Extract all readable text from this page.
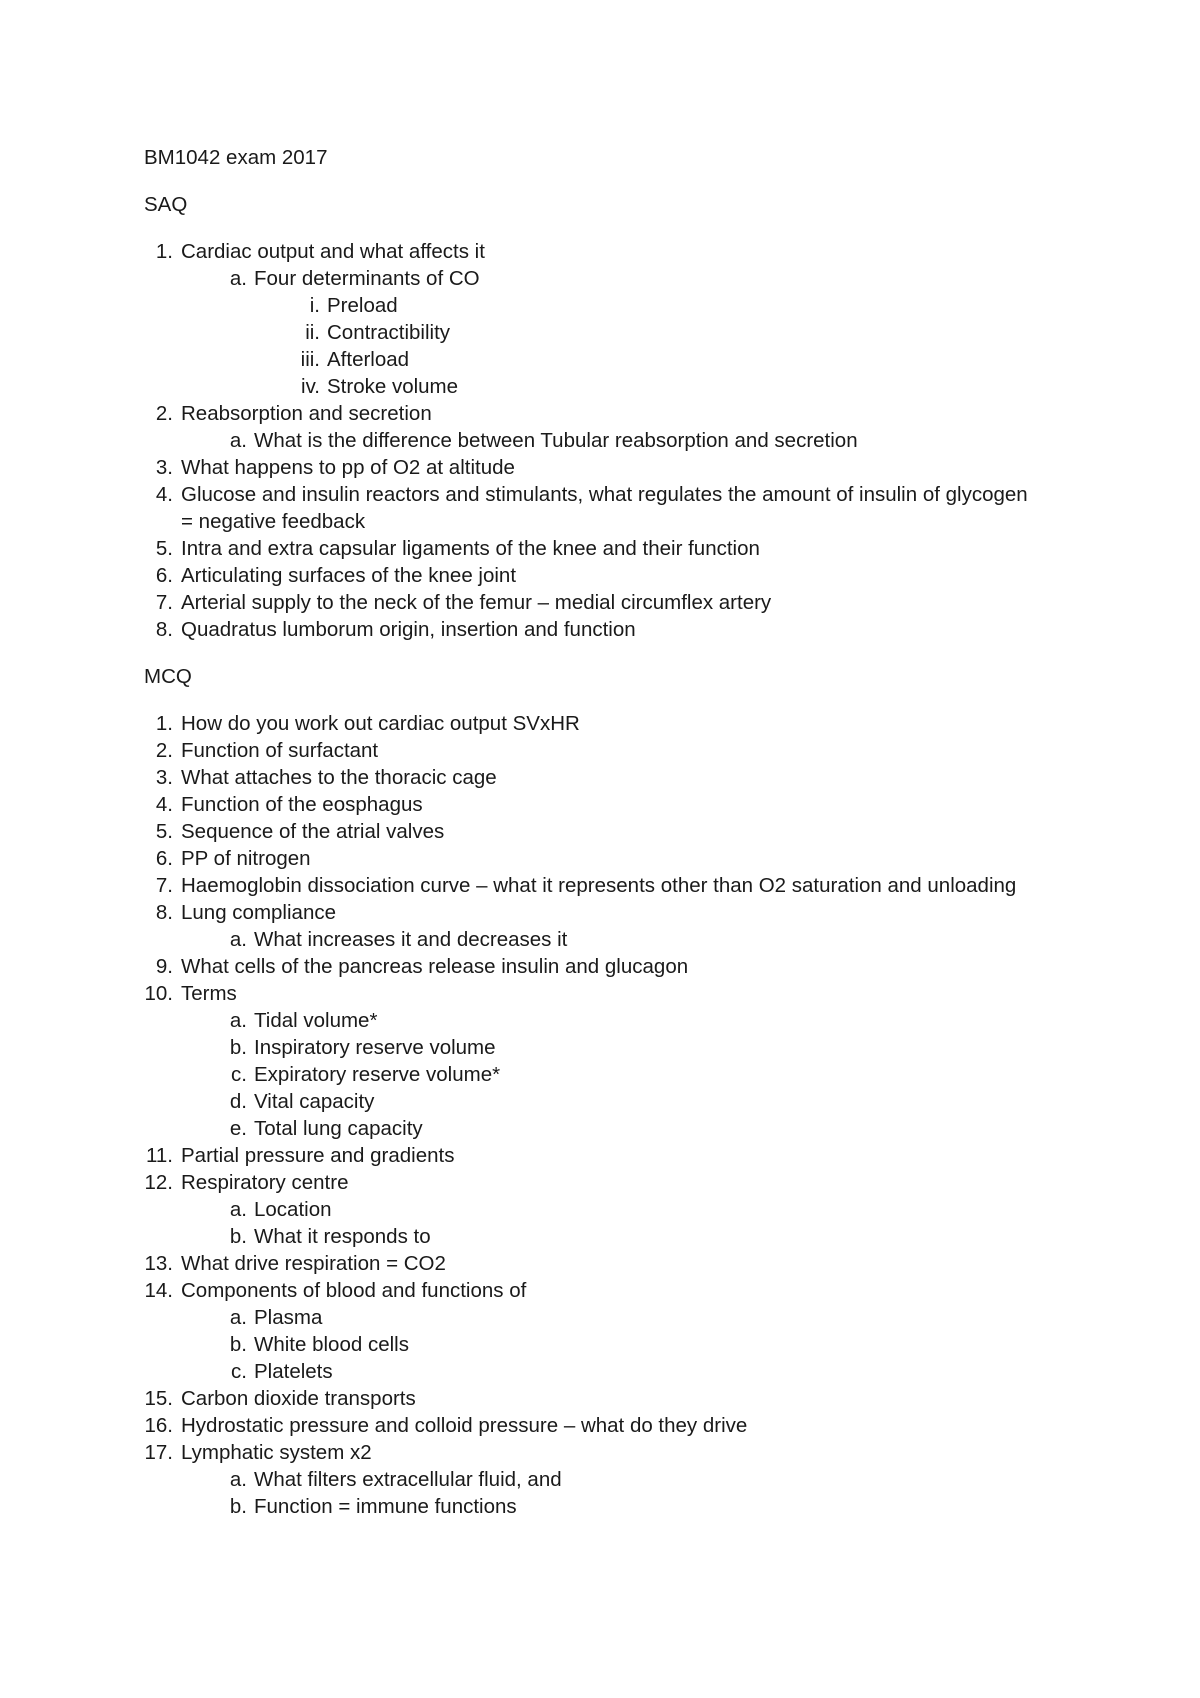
BM1042 exam 2017
SAQ
1. Cardiac output and what affects it
a. Four determinants of CO
i. Preload
ii. Contractibility
iii. Afterload
iv. Stroke volume
2. Reabsorption and secretion
a. What is the difference between Tubular reabsorption and secretion
3. What happens to pp of O2 at altitude
4. Glucose and insulin reactors and stimulants, what regulates the amount of insulin of glycogen = negative feedback
5. Intra and extra capsular ligaments of the knee and their function
6. Articulating surfaces of the knee joint
7. Arterial supply to the neck of the femur – medial circumflex artery
8. Quadratus lumborum origin, insertion and function
MCQ
1. How do you work out cardiac output SVxHR
2. Function of surfactant
3. What attaches to the thoracic cage
4. Function of the eosphagus
5. Sequence of the atrial valves
6. PP of nitrogen
7. Haemoglobin dissociation curve – what it represents other than O2 saturation and unloading
8. Lung compliance
a. What increases it and decreases it
9. What cells of the pancreas release insulin and glucagon
10. Terms
a. Tidal volume*
b. Inspiratory reserve volume
c. Expiratory reserve volume*
d. Vital capacity
e. Total lung capacity
11. Partial pressure and gradients
12. Respiratory centre
a. Location
b. What it responds to
13. What drive respiration = CO2
14. Components of blood and functions of
a. Plasma
b. White blood cells
c. Platelets
15. Carbon dioxide transports
16. Hydrostatic pressure and colloid pressure – what do they drive
17. Lymphatic system x2
a. What filters extracellular fluid, and
b. Function = immune functions
